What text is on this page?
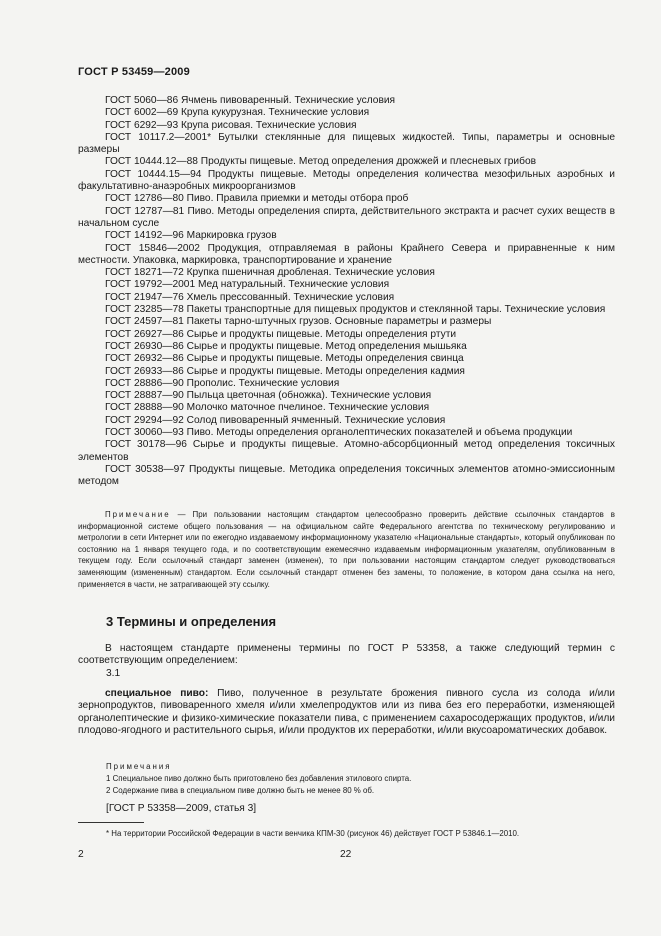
ГОСТ Р 53459—2009

ГОСТ 5060—86 Ячмень пивоваренный. Технические условия

ГОСТ 6002—69 Крупа кукурузная. Технические условия

ГОСТ 6292—93 Крупа рисовая. Технические условия

ГОСТ 10117.2—2001* Бутылки стеклянные для пищевых жидкостей. Типы, параметры и основные размеры

ГОСТ 10444.12—88 Продукты пищевые. Метод определения дрожжей и плесневых грибов

ГОСТ 10444.15—94 Продукты пищевые. Методы определения количества мезофильных аэробных и факультативно-анаэробных микроорганизмов

ГОСТ 12786—80 Пиво. Правила приемки и методы отбора проб

ГОСТ 12787—81 Пиво. Методы определения спирта, действительного экстракта и расчет сухих веществ в начальном сусле

ГОСТ 14192—96 Маркировка грузов

ГОСТ 15846—2002 Продукция, отправляемая в районы Крайнего Севера и приравненные к ним местности. Упаковка, маркировка, транспортирование и хранение

ГОСТ 18271—72 Крупка пшеничная дробленая. Технические условия

ГОСТ 19792—2001 Мед натуральный. Технические условия

ГОСТ 21947—76 Хмель прессованный. Технические условия

ГОСТ 23285—78 Пакеты транспортные для пищевых продуктов и стеклянной тары. Технические условия

ГОСТ 24597—81 Пакеты тарно-штучных грузов. Основные параметры и размеры

ГОСТ 26927—86 Сырье и продукты пищевые. Методы определения ртути

ГОСТ 26930—86 Сырье и продукты пищевые. Метод определения мышьяка

ГОСТ 26932—86 Сырье и продукты пищевые. Методы определения свинца

ГОСТ 26933—86 Сырье и продукты пищевые. Методы определения кадмия

ГОСТ 28886—90 Прополис. Технические условия

ГОСТ 28887—90 Пыльца цветочная (обножка). Технические условия

ГОСТ 28888—90 Молочко маточное пчелиное. Технические условия

ГОСТ 29294—92 Солод пивоваренный ячменный. Технические условия

ГОСТ 30060—93 Пиво. Методы определения органолептических показателей и объема продукции

ГОСТ 30178—96 Сырье и продукты пищевые. Атомно-абсорбционный метод определения токсичных элементов

ГОСТ 30538—97 Продукты пищевые. Методика определения токсичных элементов атомно-эмиссионным методом

Примечание — При пользовании настоящим стандартом целесообразно проверить действие ссылочных стандартов в информационной системе общего пользования — на официальном сайте Федерального агентства по техническому регулированию и метрологии в сети Интернет или по ежегодно издаваемому информационному указателю «Национальные стандарты», который опубликован по состоянию на 1 января текущего года, и по соответствующим ежемесячно издаваемым информационным указателям, опубликованным в текущем году. Если ссылочный стандарт заменен (изменен), то при пользовании настоящим стандартом следует руководствоваться заменяющим (измененным) стандартом. Если ссылочный стандарт отменен без замены, то положение, в котором дана ссылка на него, применяется в части, не затрагивающей эту ссылку.
3 Термины и определения

В настоящем стандарте применены термины по ГОСТ Р 53358, а также следующий термин с соответствующим определением:

3.1

специальное пиво: Пиво, полученное в результате брожения пивного сусла из солода и/или зернопродуктов, пивоваренного хмеля и/или хмелепродуктов или из пива без его переработки, изменяющей органолептические и физико-химические показатели пива, с применением сахаросодержащих продуктов, и/или плодово-ягодного и растительного сырья, и/или продуктов их переработки, и/или вкусоароматических добавок.

Примечания
1 Специальное пиво должно быть приготовлено без добавления этилового спирта.
2 Содержание пива в специальном пиве должно быть не менее 80 % об.
[ГОСТ Р 53358—2009, статья 3]
* На территории Российской Федерации в части венчика КПМ-30 (рисунок 46) действует ГОСТ Р 53846.1—2010.
2	22
